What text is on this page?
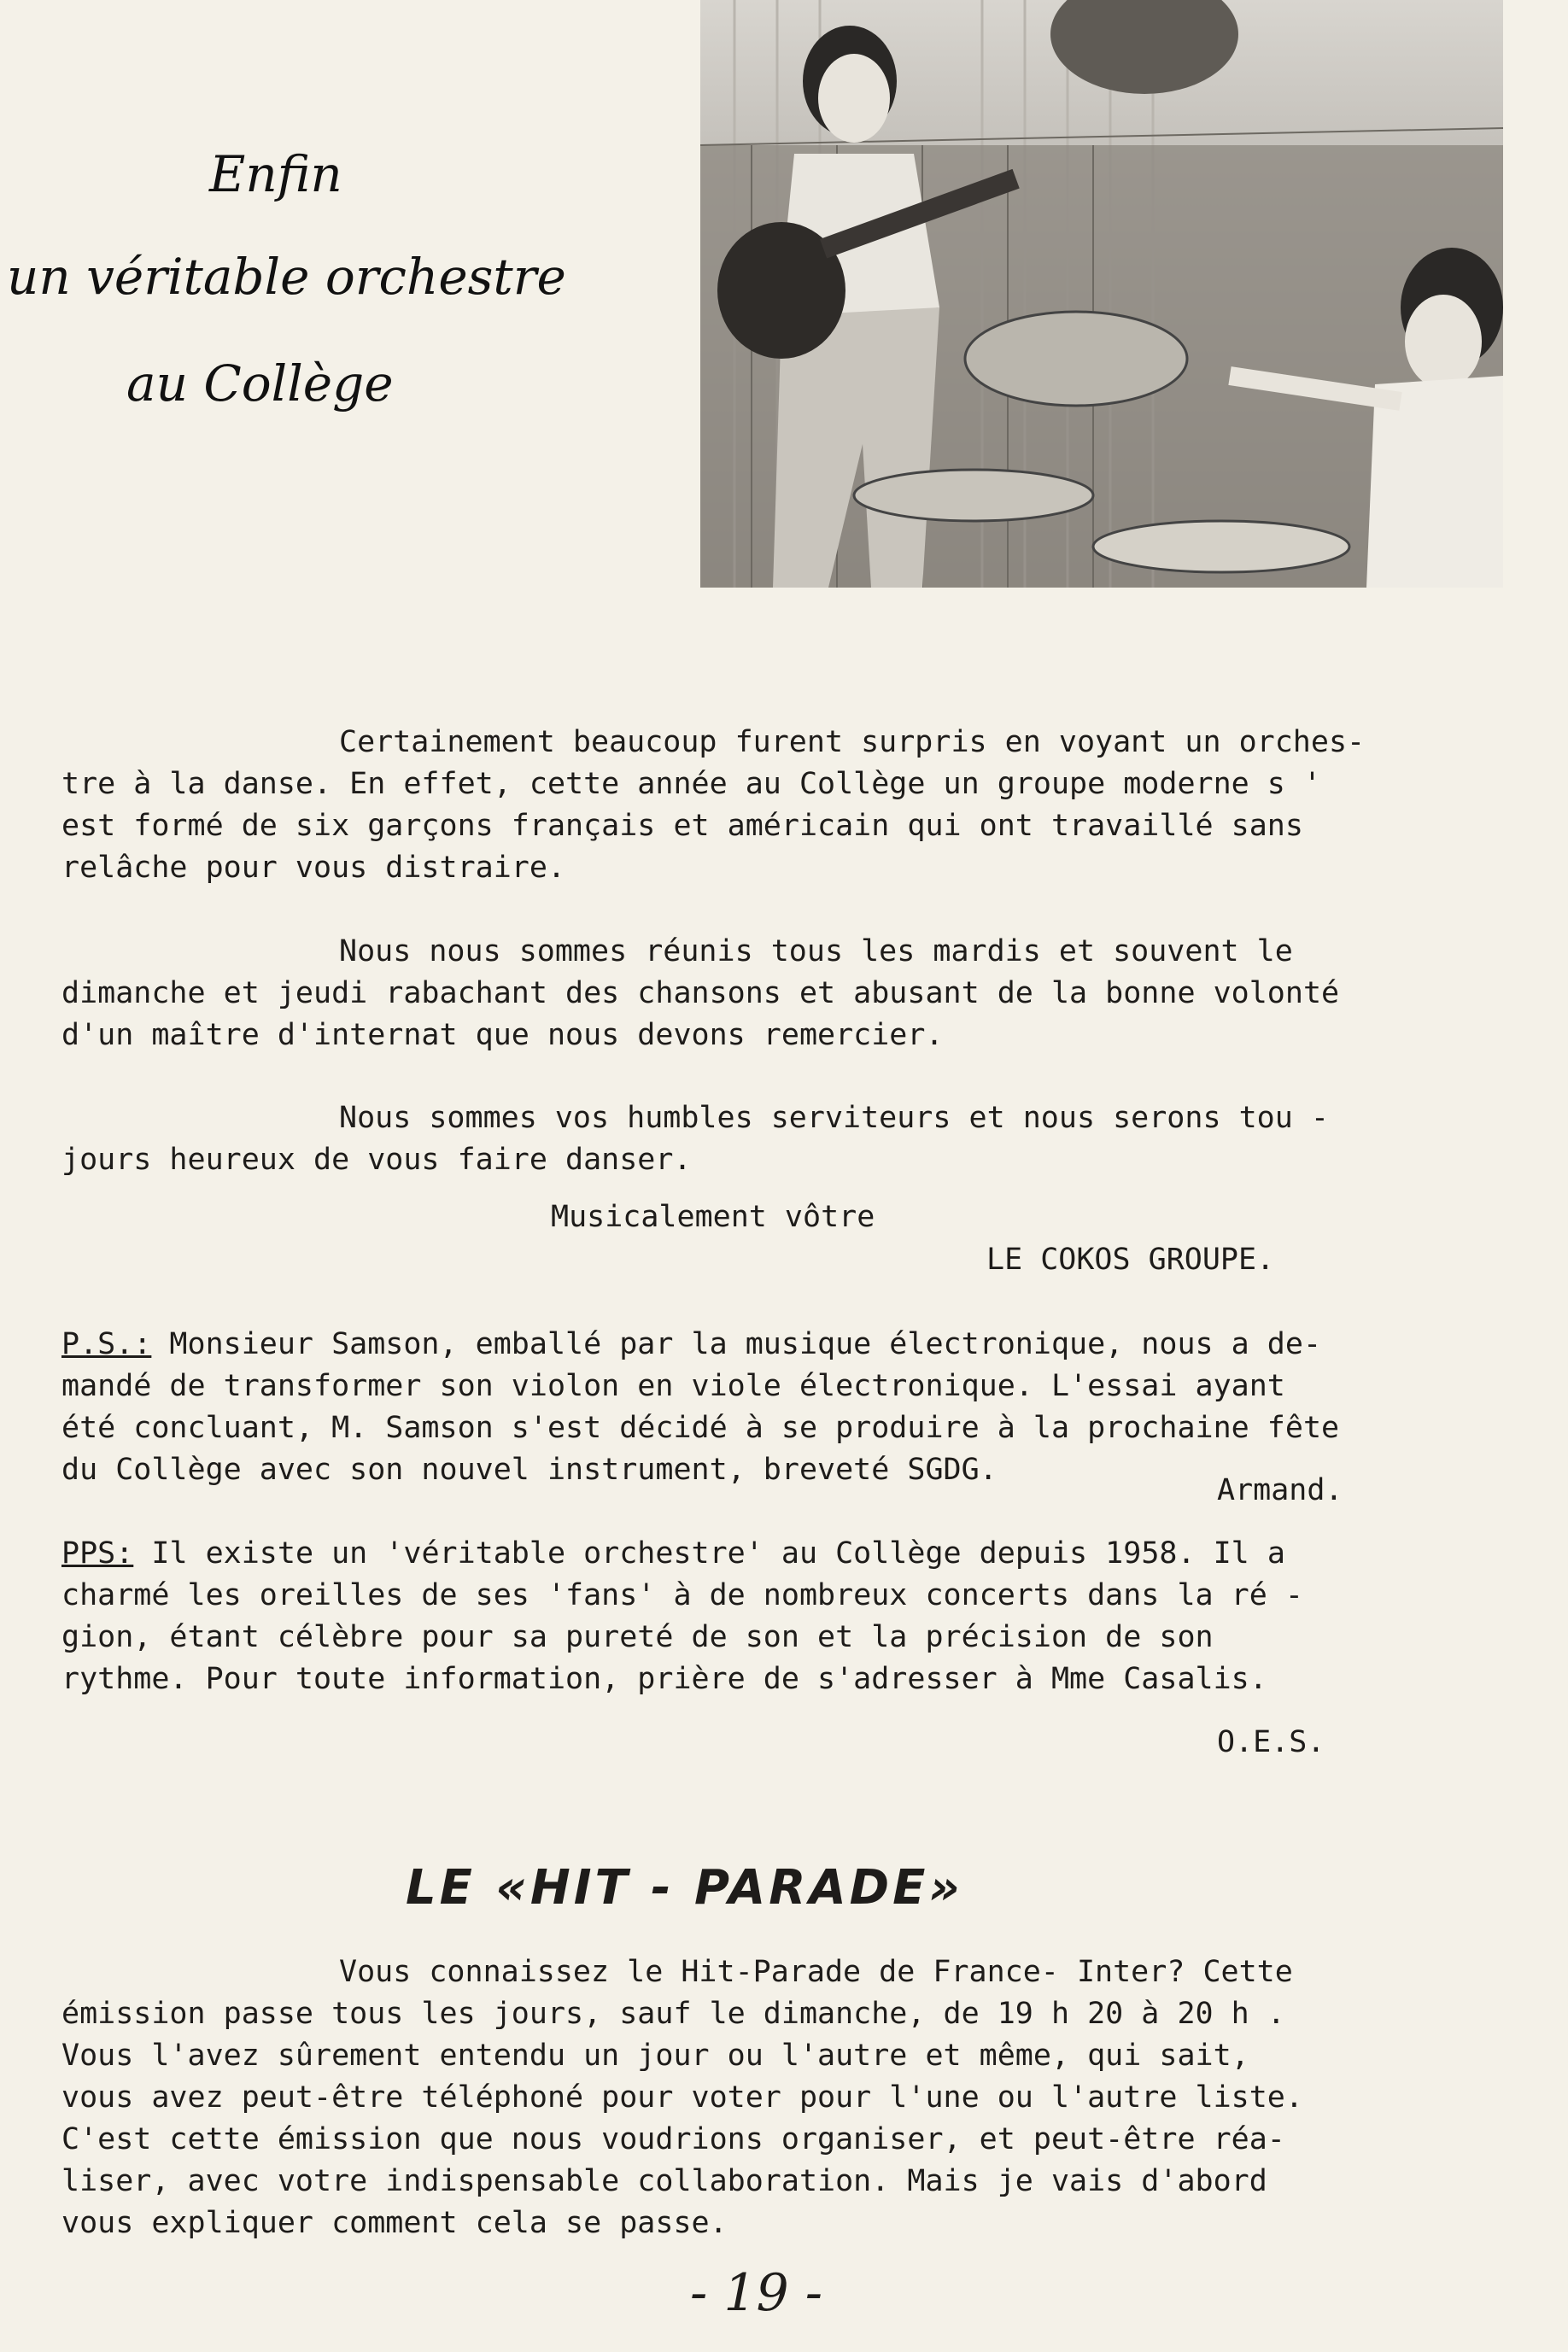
Enfin
un véritable orchestre
au Collège

Certainement beaucoup furent surpris en voyant un orches-

tre à la danse. En effet, cette année au Collège un groupe moderne s '

est formé de six garçons français et américain qui ont travaillé sans

relâche pour vous distraire.

Nous nous sommes réunis tous les mardis et souvent le

dimanche et jeudi rabachant des chansons et abusant de la bonne volonté

d'un maître d'internat que nous devons remercier.

Nous sommes vos humbles serviteurs et nous serons tou -

jours heureux de vous faire danser.

Musicalement vôtre
LE COKOS GROUPE.

P.S.: Monsieur Samson, emballé par la musique électronique, nous a de-

mandé de transformer son violon en viole électronique. L'essai ayant

été concluant, M. Samson s'est décidé à se produire à la prochaine fête

du Collège avec son nouvel instrument, breveté SGDG.

Armand.

PPS: Il existe un 'véritable orchestre' au Collège depuis 1958. Il a

charmé les oreilles de ses 'fans' à de nombreux concerts dans la ré -

gion, étant célèbre pour sa pureté de son et la précision de son

rythme. Pour toute information, prière de s'adresser à Mme Casalis.

O.E.S.
LE «HIT - PARADE»

Vous connaissez le Hit-Parade de France- Inter? Cette

émission passe tous les jours, sauf le dimanche, de 19 h 20 à 20 h .

Vous l'avez sûrement entendu un jour ou l'autre et même, qui sait,

vous avez peut-être téléphoné pour voter pour l'une ou l'autre liste.

C'est cette émission que nous voudrions organiser, et peut-être réa-

liser, avec votre indispensable collaboration. Mais je vais d'abord

vous expliquer comment cela se passe.

- 19 -
